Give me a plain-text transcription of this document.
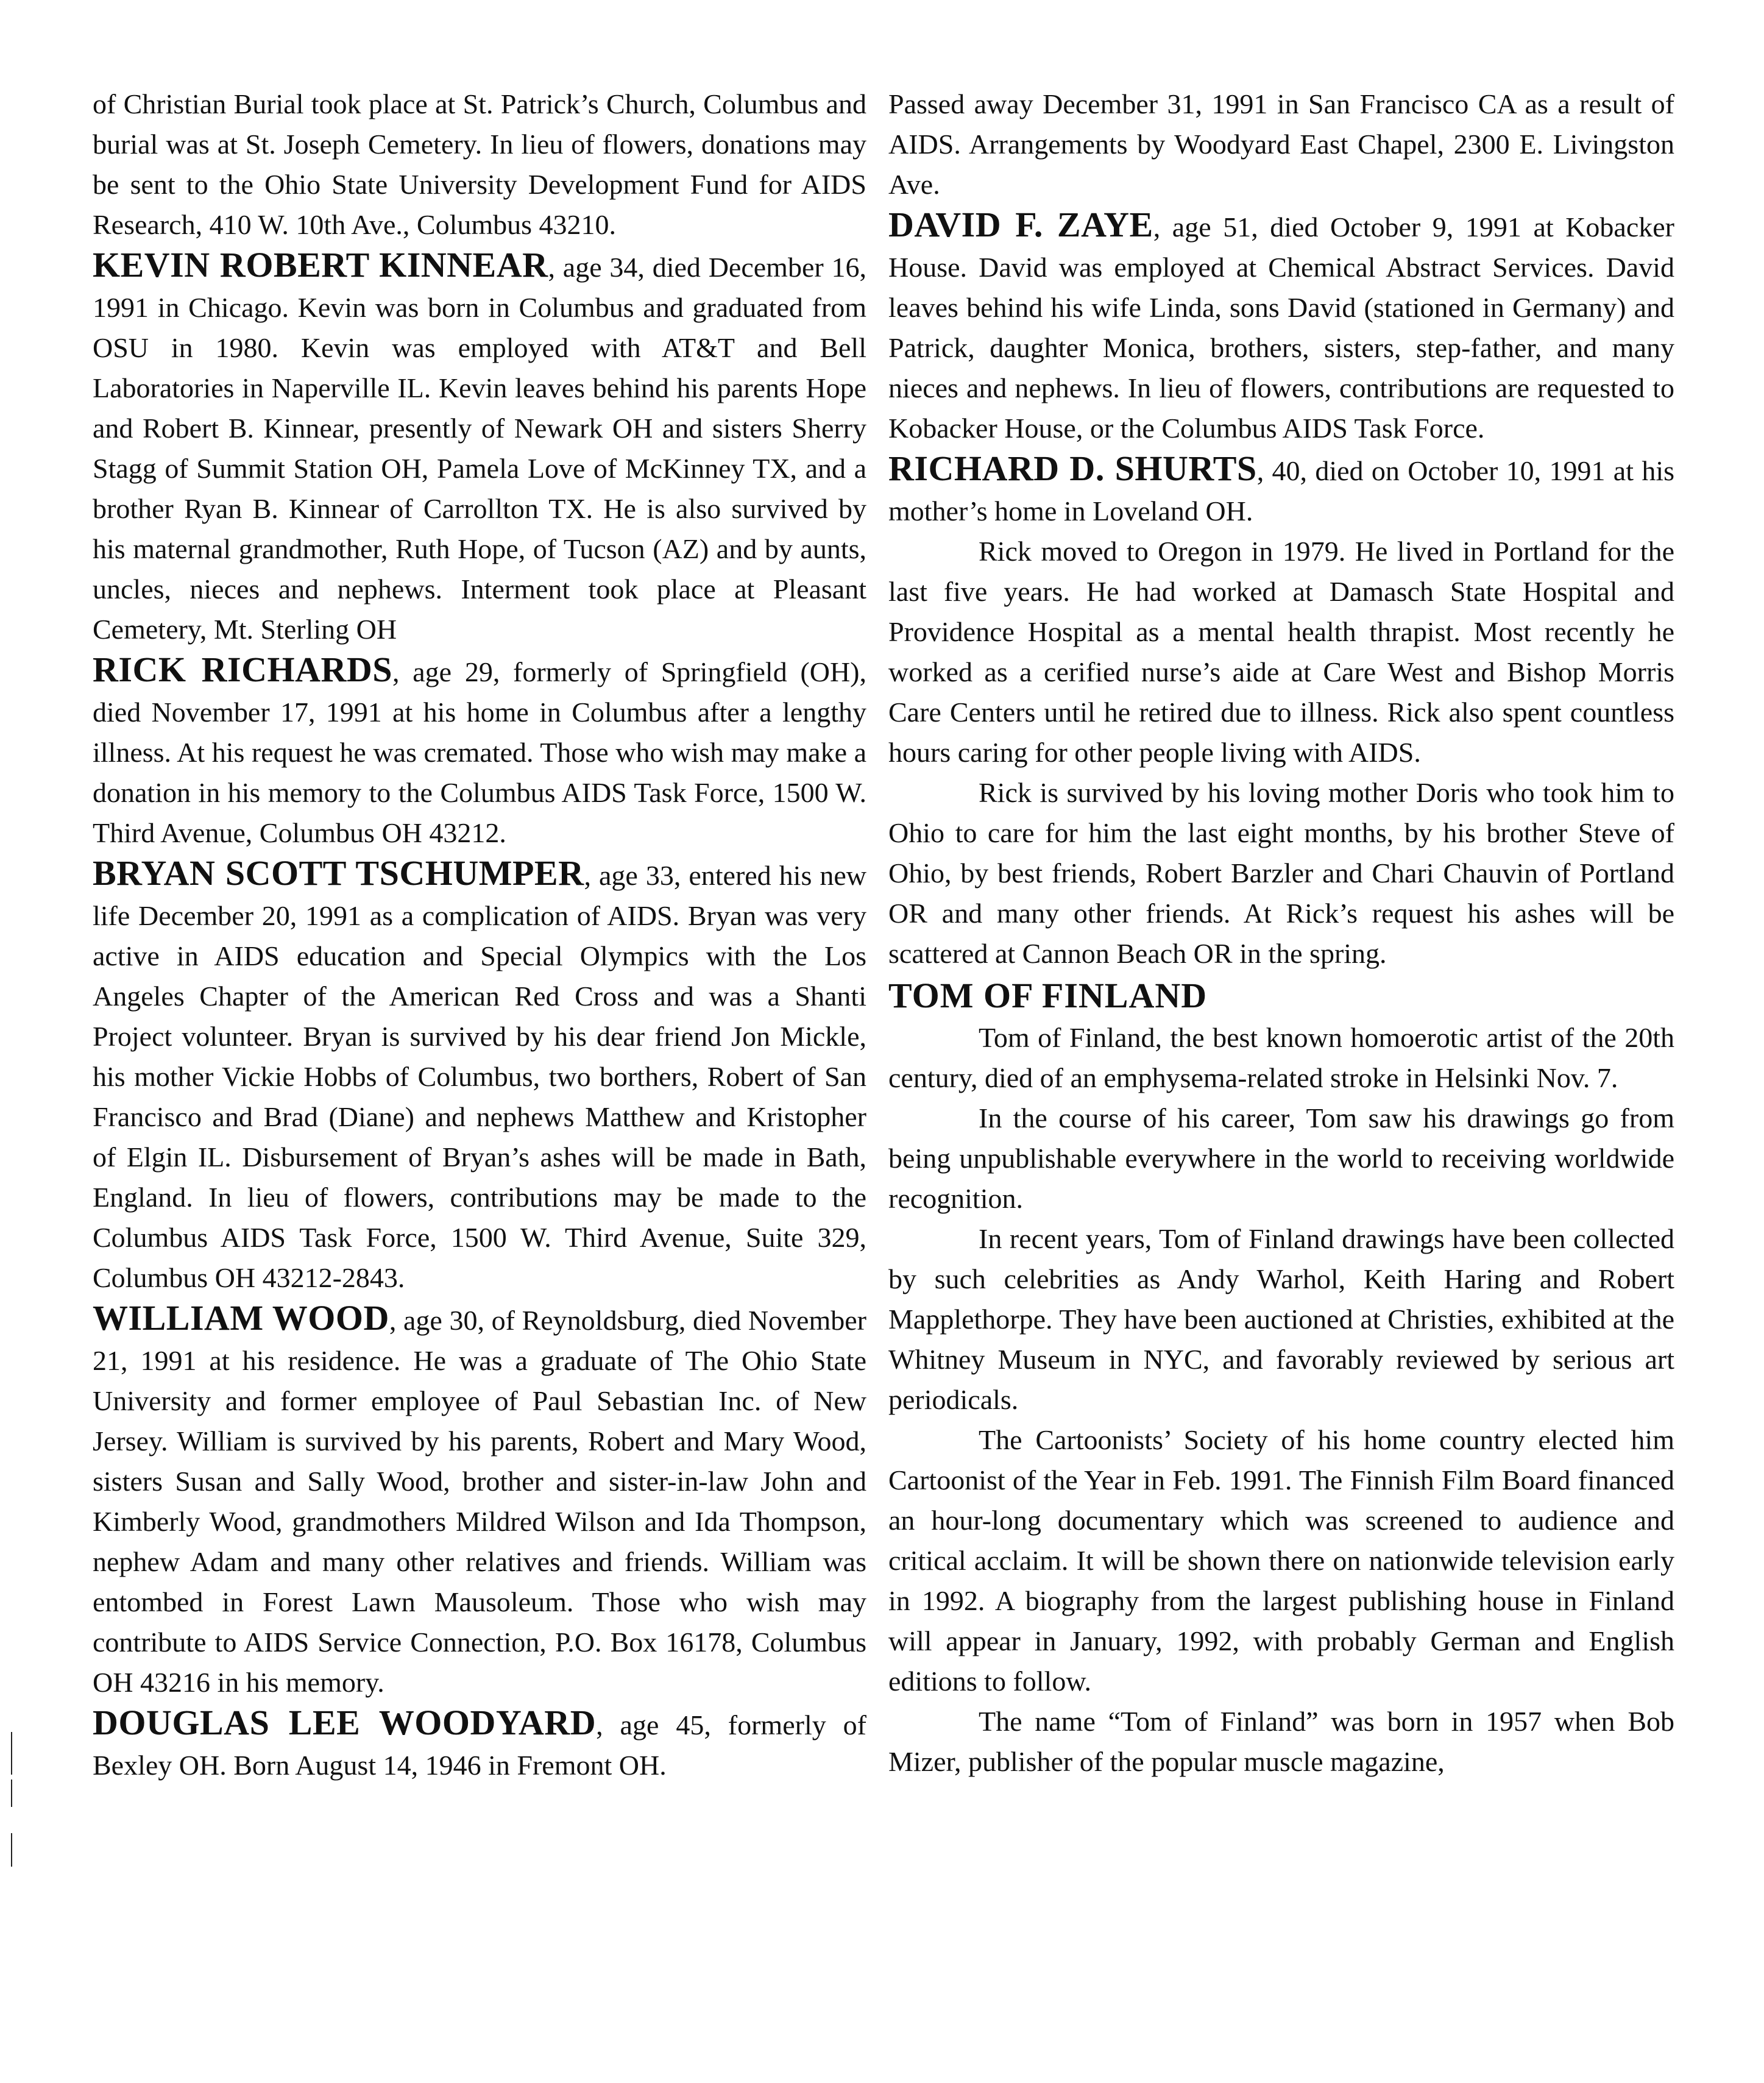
of Christian Burial took place at St. Patrick’s Church, Columbus and burial was at St. Joseph Cemetery. In lieu of flowers, donations may be sent to the Ohio State University Development Fund for AIDS Research, 410 W. 10th Ave., Columbus 43210.

KEVIN ROBERT KINNEAR, age 34, died December 16, 1991 in Chicago. Kevin was born in Columbus and graduated from OSU in 1980. Kevin was employed with AT&T and Bell Laboratories in Naperville IL. Kevin leaves behind his parents Hope and Robert B. Kinnear, presently of Newark OH and sisters Sherry Stagg of Summit Station OH, Pamela Love of McKinney TX, and a brother Ryan B. Kinnear of Carrollton TX. He is also survived by his maternal grandmother, Ruth Hope, of Tucson (AZ) and by aunts, uncles, nieces and nephews. Interment took place at Pleasant Cemetery, Mt. Sterling OH

RICK RICHARDS, age 29, formerly of Springfield (OH), died November 17, 1991 at his home in Columbus after a lengthy illness. At his request he was cremated. Those who wish may make a donation in his memory to the Columbus AIDS Task Force, 1500 W. Third Avenue, Columbus OH 43212.

BRYAN SCOTT TSCHUMPER, age 33, entered his new life December 20, 1991 as a complication of AIDS. Bryan was very active in AIDS education and Special Olympics with the Los Angeles Chapter of the American Red Cross and was a Shanti Project volunteer. Bryan is survived by his dear friend Jon Mickle, his mother Vickie Hobbs of Columbus, two borthers, Robert of San Francisco and Brad (Diane) and nephews Matthew and Kristopher of Elgin IL. Disbursement of Bryan’s ashes will be made in Bath, England. In lieu of flowers, contributions may be made to the Columbus AIDS Task Force, 1500 W. Third Avenue, Suite 329, Columbus OH 43212-2843.

WILLIAM WOOD, age 30, of Reynoldsburg, died November 21, 1991 at his residence. He was a graduate of The Ohio State University and former employee of Paul Sebastian Inc. of New Jersey. William is survived by his parents, Robert and Mary Wood, sisters Susan and Sally Wood, brother and sister-in-law John and Kimberly Wood, grandmothers Mildred Wilson and Ida Thompson, nephew Adam and many other relatives and friends. William was entombed in Forest Lawn Mausoleum. Those who wish may contribute to AIDS Service Connection, P.O. Box 16178, Columbus OH 43216 in his memory.

DOUGLAS LEE WOODYARD, age 45, formerly of Bexley OH. Born August 14, 1946 in Fremont OH.

Passed away December 31, 1991 in San Francisco CA as a result of AIDS. Arrangements by Woodyard East Chapel, 2300 E. Livingston Ave.

DAVID F. ZAYE, age 51, died October 9, 1991 at Kobacker House. David was employed at Chemical Abstract Services. David leaves behind his wife Linda, sons David (stationed in Germany) and Patrick, daughter Monica, brothers, sisters, step-father, and many nieces and nephews. In lieu of flowers, contributions are requested to Kobacker House, or the Columbus AIDS Task Force.

RICHARD D. SHURTS, 40, died on October 10, 1991 at his mother’s home in Loveland OH.

Rick moved to Oregon in 1979. He lived in Portland for the last five years. He had worked at Damasch State Hospital and Providence Hospital as a mental health thrapist. Most recently he worked as a cerified nurse’s aide at Care West and Bishop Morris Care Centers until he retired due to illness. Rick also spent countless hours caring for other people living with AIDS.

Rick is survived by his loving mother Doris who took him to Ohio to care for him the last eight months, by his brother Steve of Ohio, by best friends, Robert Barzler and Chari Chauvin of Portland OR and many other friends. At Rick’s request his ashes will be scattered at Cannon Beach OR in the spring.

TOM OF FINLAND

Tom of Finland, the best known homoerotic artist of the 20th century, died of an emphysema-related stroke in Helsinki Nov. 7.

In the course of his career, Tom saw his drawings go from being unpublishable everywhere in the world to receiving worldwide recognition.

In recent years, Tom of Finland drawings have been collected by such celebrities as Andy Warhol, Keith Haring and Robert Mapplethorpe. They have been auctioned at Christies, exhibited at the Whitney Museum in NYC, and favorably reviewed by serious art periodicals.

The Cartoonists’ Society of his home country elected him Cartoonist of the Year in Feb. 1991. The Finnish Film Board financed an hour-long documentary which was screened to audience and critical acclaim. It will be shown there on nationwide television early in 1992. A biography from the largest publishing house in Finland will appear in January, 1992, with probably German and English editions to follow.

The name “Tom of Finland” was born in 1957 when Bob Mizer, publisher of the popular muscle magazine,
